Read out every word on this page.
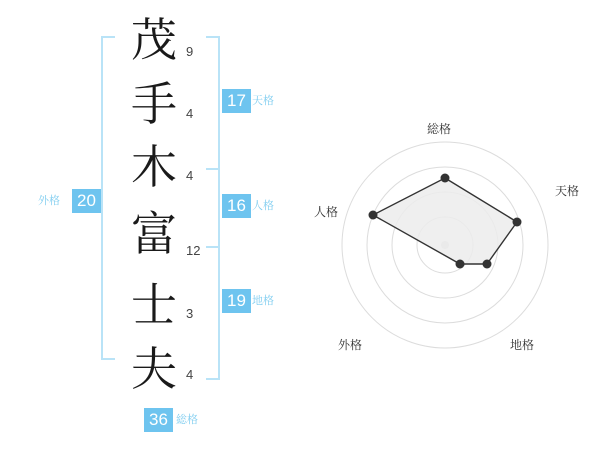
茂
手
木
富
士
夫
9
4
4
12
3
4
20
外格
17 天格
16 人格
19 地格
36 総格
総格
天格
地格
外格
人格
